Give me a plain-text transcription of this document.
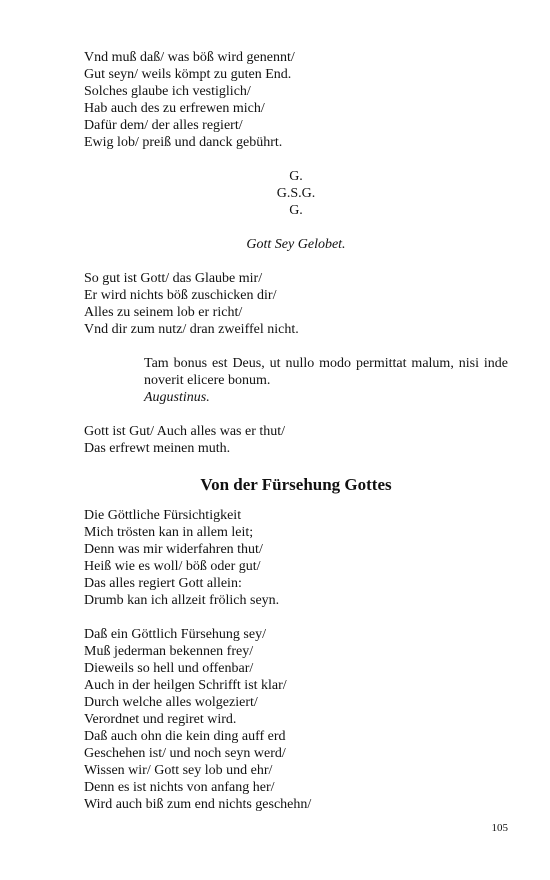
Vnd muß daß/ was böß wird genennt/
Gut seyn/ weils kömpt zu guten End.
Solches glaube ich vestiglich/
Hab auch des zu erfrewen mich/
Dafür dem/ der alles regiert/
Ewig lob/ preiß und danck gebührt.
G.
G.S.G.
G.
Gott Sey Gelobet.
So gut ist Gott/ das Glaube mir/
Er wird nichts böß zuschicken dir/
Alles zu seinem lob er richt/
Vnd dir zum nutz/ dran zweiffel nicht.
Tam bonus est Deus, ut nullo modo permittat malum, nisi inde noverit elicere bonum.
Augustinus.
Gott ist Gut/ Auch alles was er thut/
Das erfrewt meinen muth.
Von der Fürsehung Gottes
Die Göttliche Fürsichtigkeit
Mich trösten kan in allem leit;
Denn was mir widerfahren thut/
Heiß wie es woll/ böß oder gut/
Das alles regiert Gott allein:
Drumb kan ich allzeit frölich seyn.
Daß ein Göttlich Fürsehung sey/
Muß jederman bekennen frey/
Dieweils so hell und offenbar/
Auch in der heilgen Schrifft ist klar/
Durch welche alles wolgeziert/
Verordnet und regiret wird.
Daß auch ohn die kein ding auff erd
Geschehen ist/ und noch seyn werd/
Wissen wir/ Gott sey lob und ehr/
Denn es ist nichts von anfang her/
Wird auch biß zum end nichts geschehn/
105
